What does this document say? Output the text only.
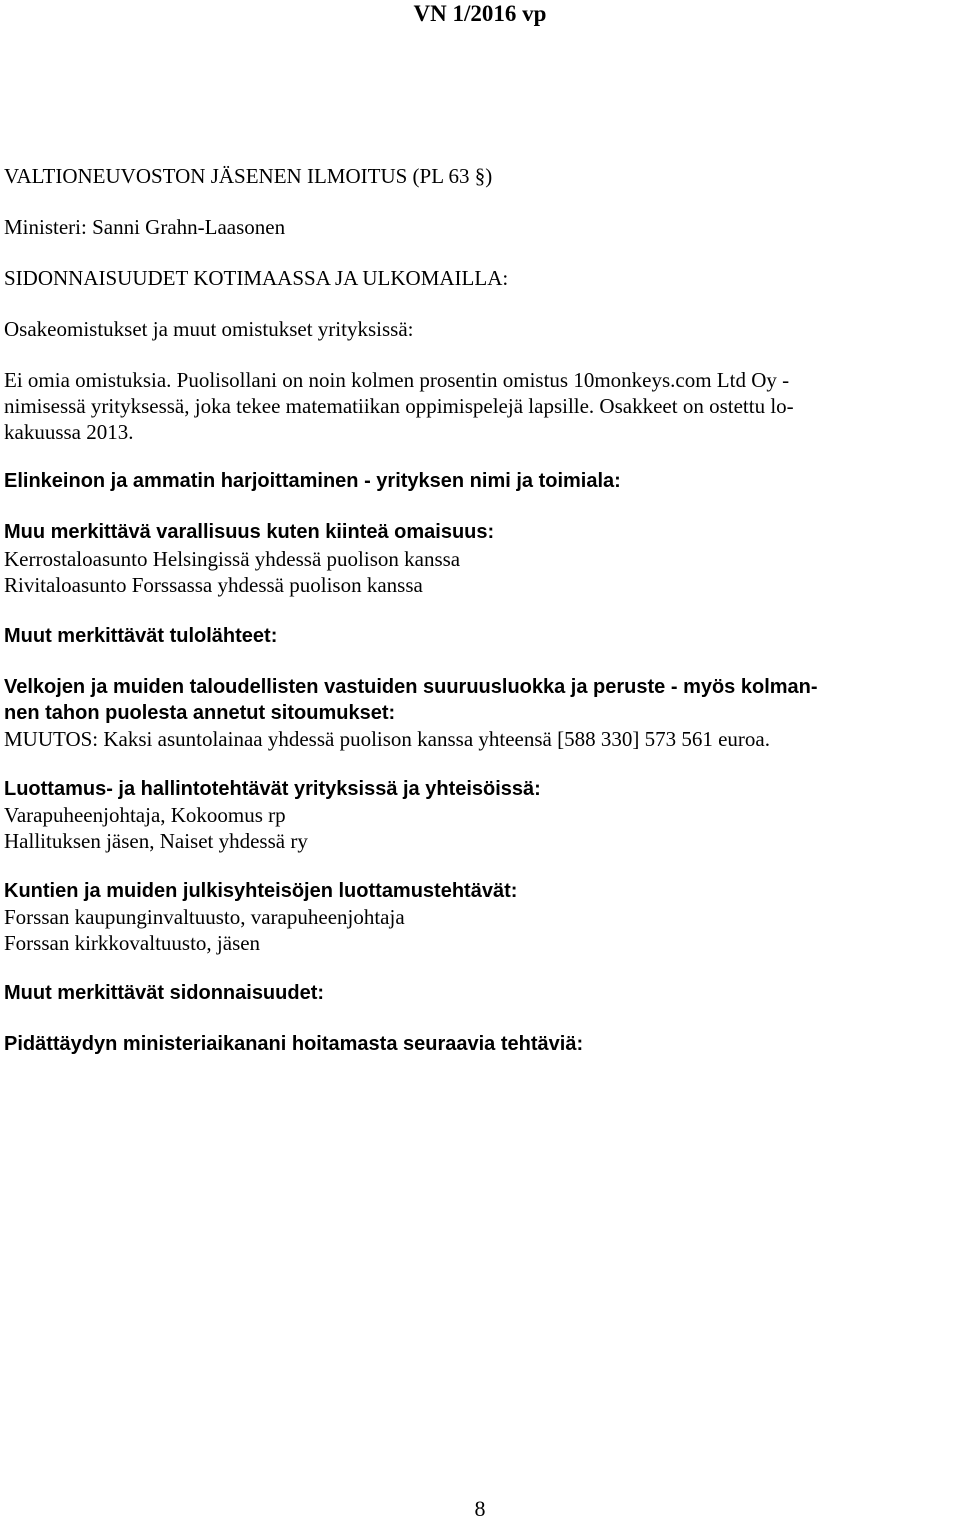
VN 1/2016 vp
VALTIONEUVOSTON JÄSENEN ILMOITUS (PL 63 §)
Ministeri: Sanni Grahn-Laasonen
SIDONNAISUUDET KOTIMAASSA JA ULKOMAILLA:
Osakeomistukset ja muut omistukset yrityksissä:
Ei omia omistuksia. Puolisollani on noin kolmen prosentin omistus 10monkeys.com Ltd Oy -
nimisessä yrityksessä, joka tekee matematiikan oppimispelejä lapsille. Osakkeet on ostettu lo-
kakuussa 2013.
Elinkeinon ja ammatin harjoittaminen - yrityksen nimi ja toimiala:
Muu merkittävä varallisuus kuten kiinteä omaisuus:
Kerrostaloasunto Helsingissä yhdessä puolison kanssa
Rivitaloasunto Forssassa yhdessä puolison kanssa
Muut merkittävät tulolähteet:
Velkojen ja muiden taloudellisten vastuiden suuruusluokka ja peruste - myös kolman-
nen tahon puolesta annetut sitoumukset:
MUUTOS: Kaksi asuntolainaa yhdessä puolison kanssa yhteensä [588 330] 573 561 euroa.
Luottamus- ja hallintotehtävät yrityksissä ja yhteisöissä:
Varapuheenjohtaja, Kokoomus rp
Hallituksen jäsen, Naiset yhdessä ry
Kuntien ja muiden julkisyhteisöjen luottamustehtävät:
Forssan kaupunginvaltuusto, varapuheenjohtaja
Forssan kirkkovaltuusto, jäsen
Muut merkittävät sidonnaisuudet:
Pidättäydyn ministeriaikanani hoitamasta seuraavia tehtäviä:
8
